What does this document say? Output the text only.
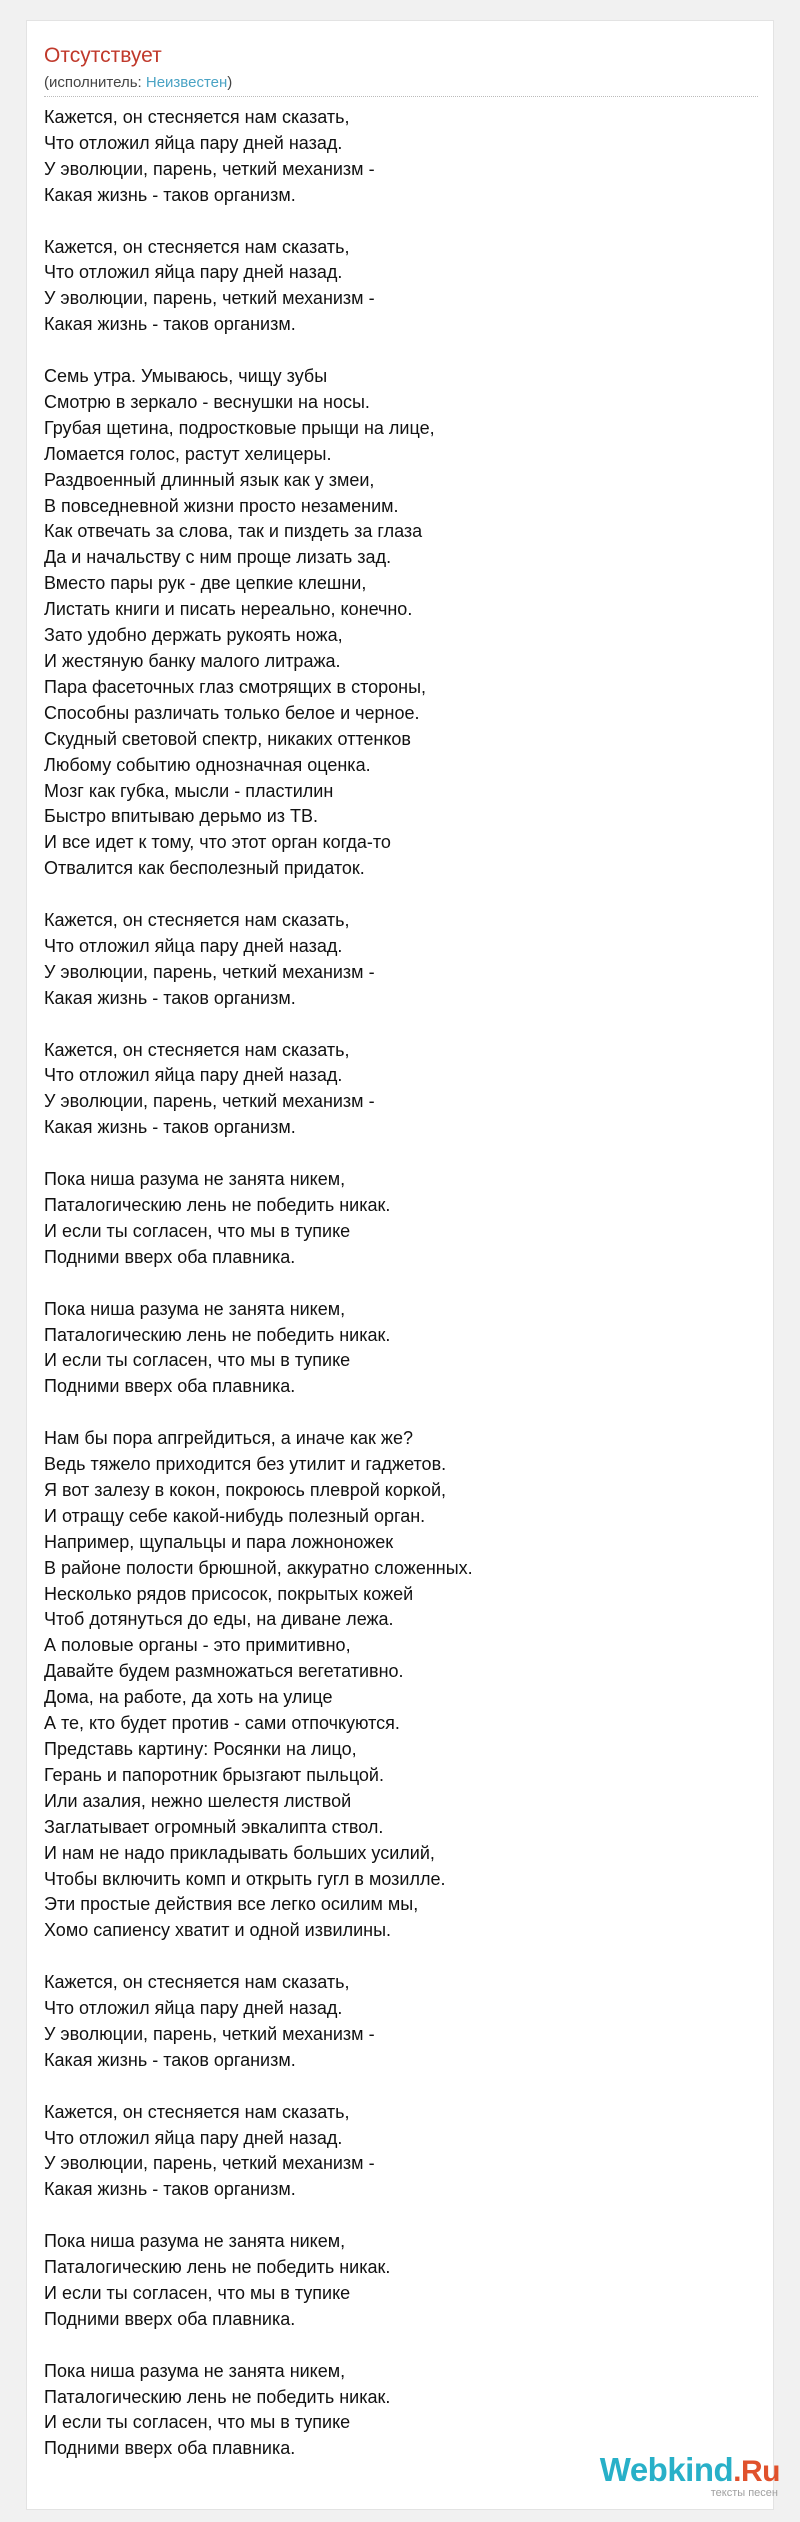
Отсутствует
(исполнитель: Неизвестен)
Кажется, он стесняется нам сказать,
Что отложил яйца пару дней назад.
У эволюции, парень, четкий механизм -
Какая жизнь - таков организм.
Кажется, он стесняется нам сказать,
Что отложил яйца пару дней назад.
У эволюции, парень, четкий механизм -
Какая жизнь - таков организм.
Семь утра. Умываюсь, чищу зубы
Смотрю в зеркало - веснушки на носы.
Грубая щетина, подростковые прыщи на лице,
Ломается голос, растут хелицеры.
Раздвоенный длинный язык как у змеи,
В повседневной жизни просто незаменим.
Как отвечать за слова, так и пиздеть за глаза
Да и начальству с ним проще лизать зад.
Вместо пары рук - две цепкие клешни,
Листать книги и писать нереально, конечно.
Зато удобно держать рукоять ножа,
И жестяную банку малого литража.
Пара фасеточных глаз смотрящих в стороны,
Способны различать только белое и черное.
Скудный световой спектр, никаких оттенков
Любому событию однозначная оценка.
Мозг как губка, мысли - пластилин
Быстро впитываю дерьмо из ТВ.
И все идет к тому, что этот орган когда-то
Отвалится как бесполезный придаток.
Кажется, он стесняется нам сказать,
Что отложил яйца пару дней назад.
У эволюции, парень, четкий механизм -
Какая жизнь - таков организм.
Кажется, он стесняется нам сказать,
Что отложил яйца пару дней назад.
У эволюции, парень, четкий механизм -
Какая жизнь - таков организм.
Пока ниша разума не занята никем,
Паталогическию лень не победить никак.
И если ты согласен, что мы в тупике
Подними вверх оба плавника.
Пока ниша разума не занята никем,
Паталогическию лень не победить никак.
И если ты согласен, что мы в тупике
Подними вверх оба плавника.
Нам бы пора апгрейдиться, а иначе как же?
Ведь тяжело приходится без утилит и гаджетов.
Я вот залезу в кокон, покроюсь плеврой коркой,
И отращу себе какой-нибудь полезный орган.
Например, щупальцы и пара ложноножек
В районе полости брюшной, аккуратно сложенных.
Несколько рядов присосок, покрытых кожей
Чтоб дотянуться до еды, на диване лежа.
А половые органы - это примитивно,
Давайте будем размножаться вегетативно.
Дома, на работе, да хоть на улице
А те, кто будет против - сами отпочкуются.
Представь картину: Росянки на лицо,
Герань и папоротник брызгают пыльцой.
Или азалия, нежно шелестя листвой
Заглатывает огромный эвкалипта ствол.
И нам не надо прикладывать больших усилий,
Чтобы включить комп и открыть гугл в мозилле.
Эти простые действия все легко осилим мы,
Хомо сапиенсу хватит и одной извилины.
Кажется, он стесняется нам сказать,
Что отложил яйца пару дней назад.
У эволюции, парень, четкий механизм -
Какая жизнь - таков организм.
Кажется, он стесняется нам сказать,
Что отложил яйца пару дней назад.
У эволюции, парень, четкий механизм -
Какая жизнь - таков организм.
Пока ниша разума не занята никем,
Паталогическию лень не победить никак.
И если ты согласен, что мы в тупике
Подними вверх оба плавника.
Пока ниша разума не занята никем,
Паталогическию лень не победить никак.
И если ты согласен, что мы в тупике
Подними вверх оба плавника.
Webkind.Ru
тексты песен
